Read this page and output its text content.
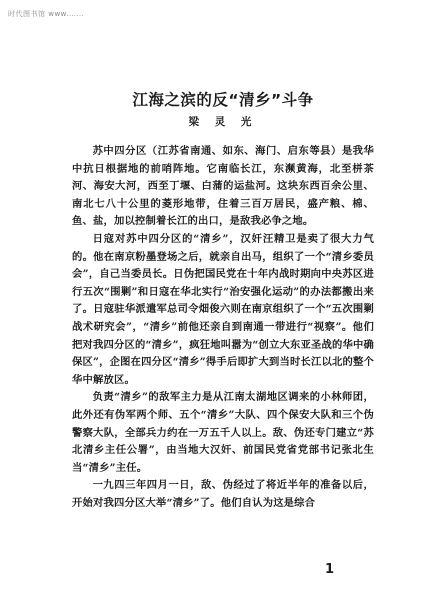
时代图书馆 www.……
江海之滨的反“清乡”斗争
梁 灵 光

苏中四分区（江苏省南通、如东、海门、启东等县）是我华中抗日根据地的前哨阵地。它南临长江，东濒黄海，北至栟茶河、海安大河，西至丁堰、白蒲的运盐河。这块东西百余公里、南北七八十公里的菱形地带，住着三百万居民，盛产粮、棉、鱼、盐，加以控制着长江的出口，是敌我必争之地。

日寇对苏中四分区的“清乡”，汉奸汪精卫是卖了很大力气的。他在南京粉墨登场之后，就亲自出马，组织了一个“清乡委员会”，自己当委员长。日伪把国民党在十年内战时期向中央苏区进行五次“围剿”和日寇在华北实行“治安强化运动”的办法都搬出来了。日寇驻华派遣军总司令畑俊六则在南京组织了一个“五次围剿战术研究会”，“清乡”前他还亲自到南通一带进行“视察”。他们把对我四分区的“清乡”，疯狂地叫嚣为“创立大东亚圣战的华中确保区”，企图在四分区“清乡”得手后即扩大到当时长江以北的整个华中解放区。

负责“清乡”的敌军主力是从江南太湖地区调来的小林师团，此外还有伪军两个师、五个“清乡”大队、四个保安大队和三个伪警察大队，全部兵力约在一万五千人以上。敌、伪还专门建立“苏北清乡主任公署”，由当地大汉奸、前国民党省党部书记张北生当“清乡”主任。

一九四三年四月一日，敌、伪经过了将近半年的准备以后，开始对我四分区大举“清乡”了。他们自认为这是综合

1
